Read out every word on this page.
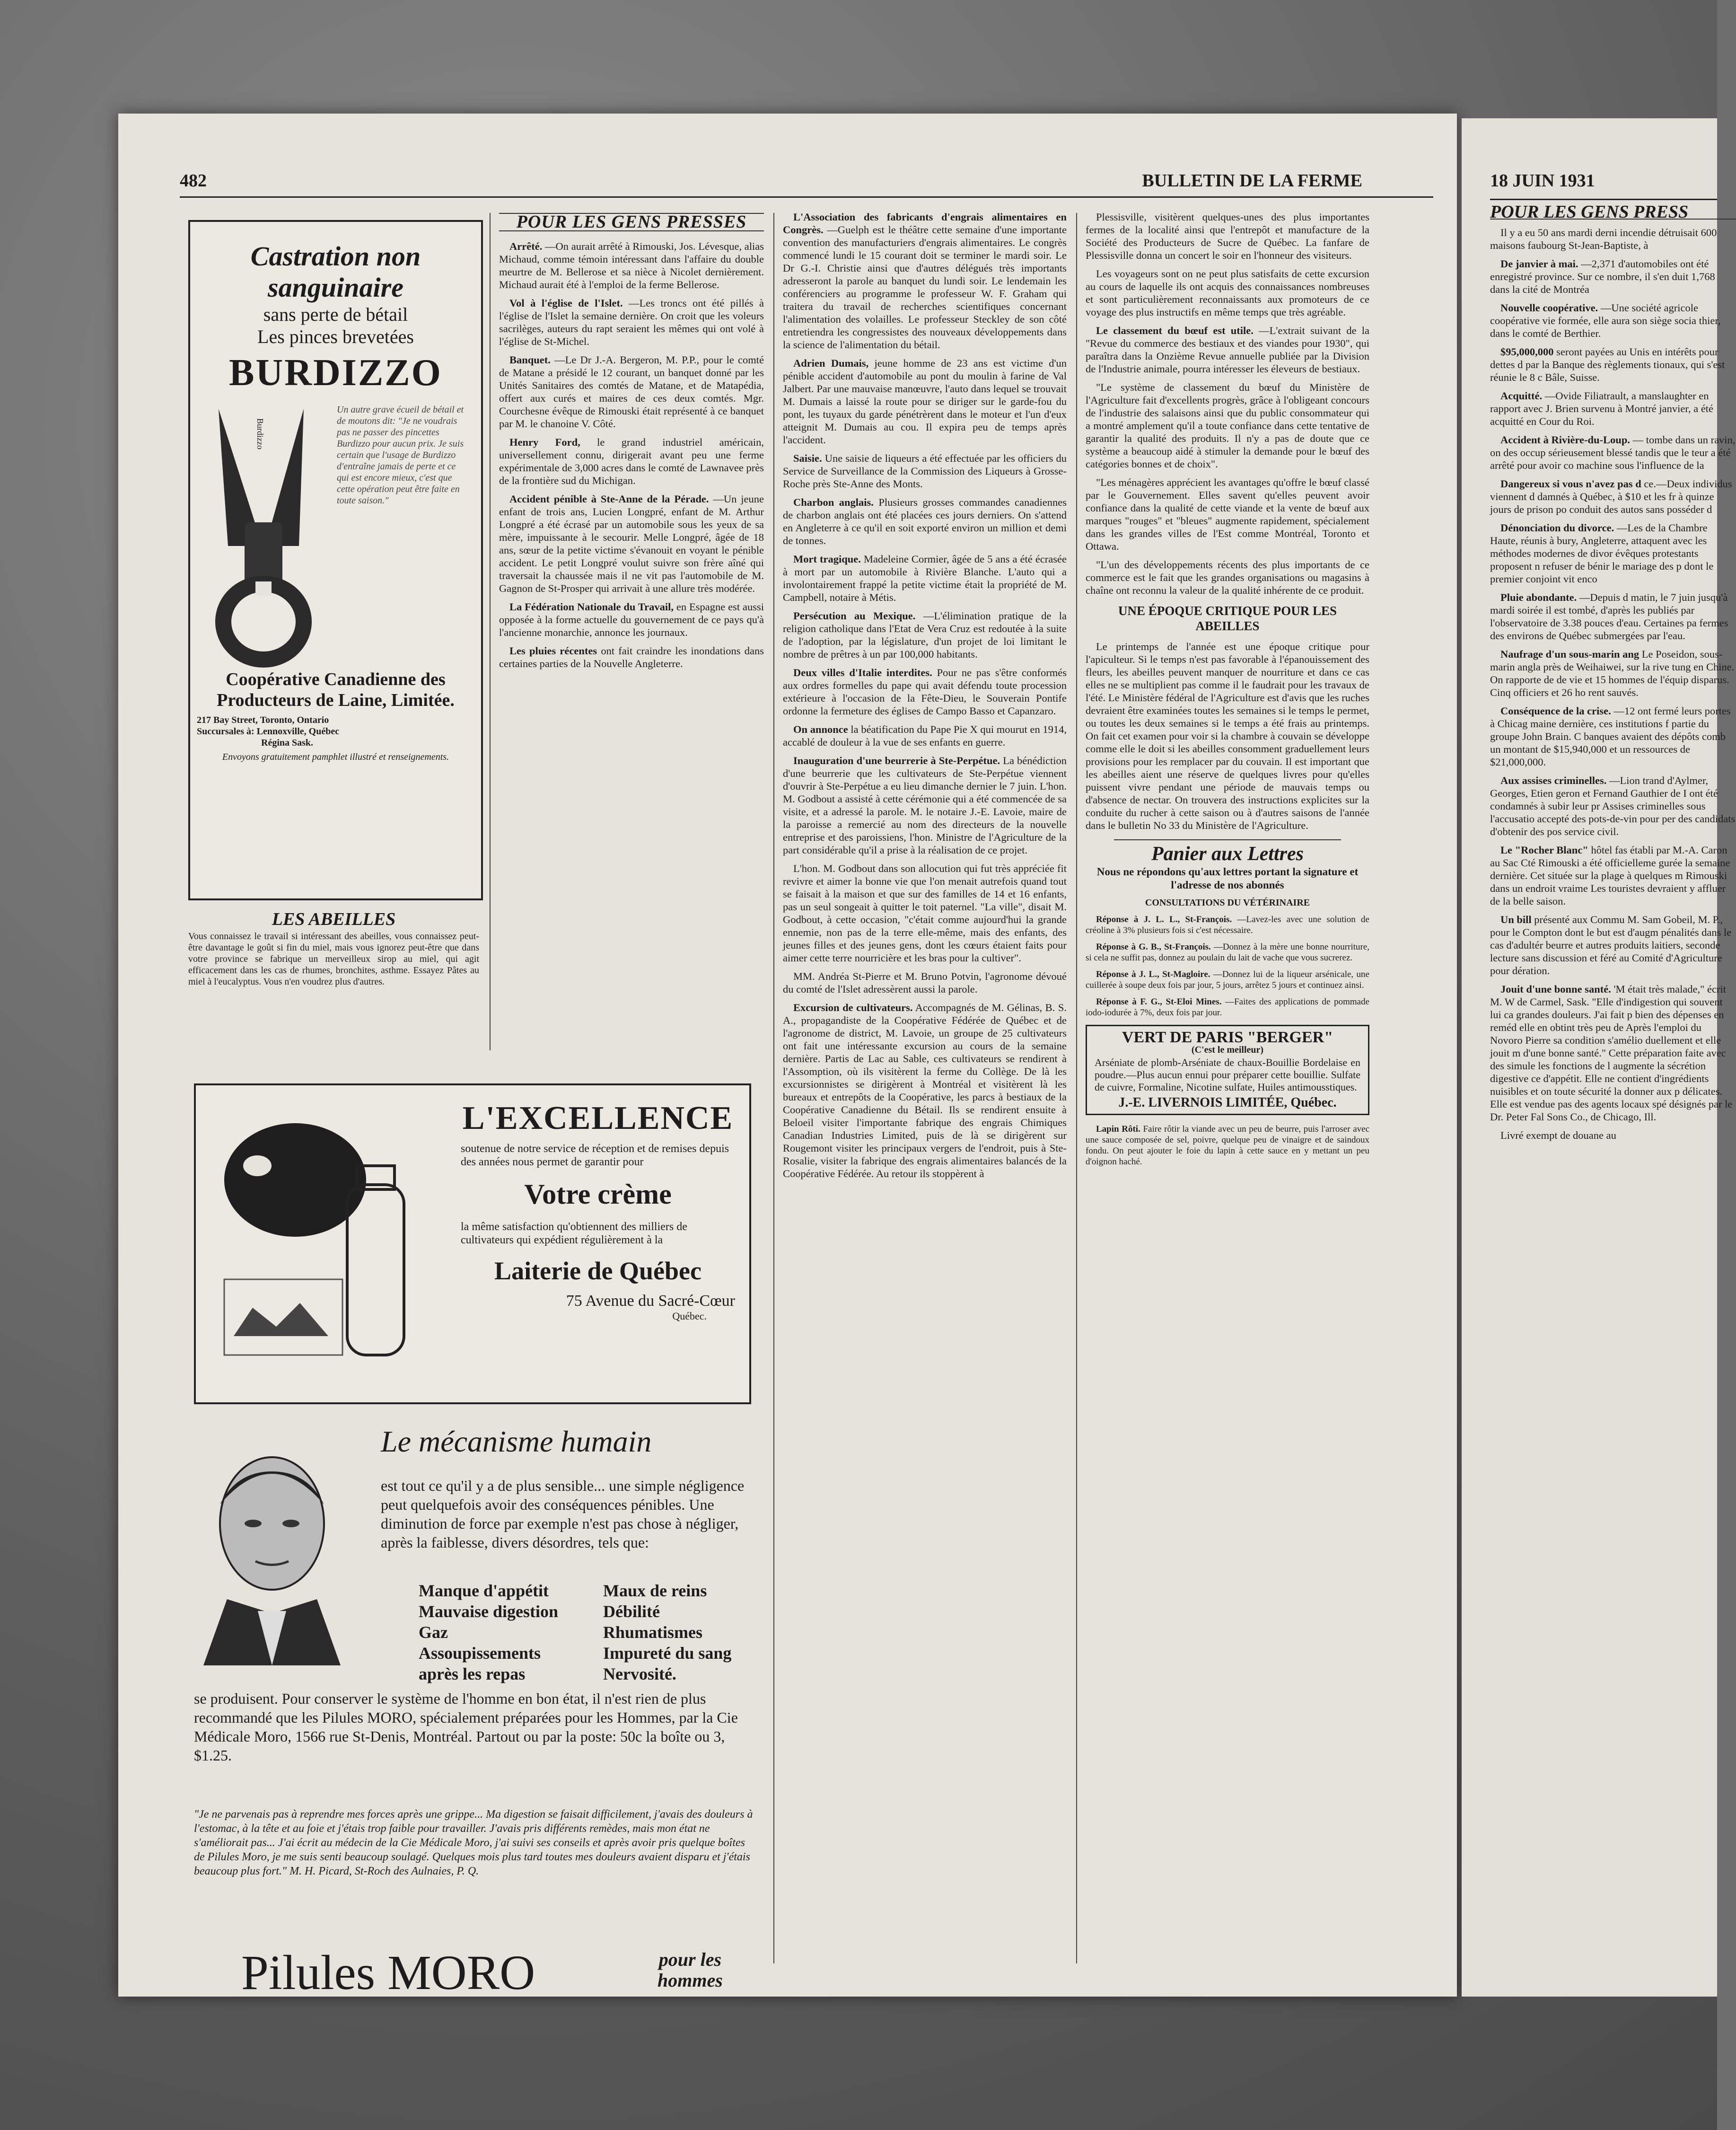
482	BULLETIN DE LA FERME
Castration non
sanguinaire
sans perte de bétail
Les pinces brevetées
BURDIZZO
Burdizzo
Un autre grave écueil de bétail et de moutons dit: "Je ne voudrais pas ne passer des pincettes Burdizzo pour aucun prix. Je suis certain que l'usage de Burdizzo d'entraîne jamais de perte et ce qui est encore mieux, c'est que cette opération peut être faite en toute saison."
Coopérative Canadienne des
Producteurs de Laine, Limitée.
217 Bay Street, Toronto, Ontario
Succursales à: Lennoxville, Québec
Régina Sask.
Envoyons gratuitement pamphlet illustré et renseignements.
LES ABEILLES
Vous connaissez le travail si intéressant des abeilles, vous connaissez peut-être davantage le goût si fin du miel, mais vous ignorez peut-être que dans votre province se fabrique un merveilleux sirop au miel, qui agit efficacement dans les cas de rhumes, bronchites, asthme. Essayez Pâtes au miel à l'eucalyptus. Vous n'en voudrez plus d'autres.
POUR LES GENS PRESSES

Arrêté. —On aurait arrêté à Rimouski, Jos. Lévesque, alias Michaud, comme témoin intéressant dans l'affaire du double meurtre de M. Bellerose et sa nièce à Nicolet dernièrement. Michaud aurait été à l'emploi de la ferme Bellerose.

Vol à l'église de l'Islet. —Les troncs ont été pillés à l'église de l'Islet la semaine dernière. On croit que les voleurs sacrilèges, auteurs du rapt seraient les mêmes qui ont volé à l'église de St-Michel.

Banquet. —Le Dr J.-A. Bergeron, M. P.P., pour le comté de Matane a présidé le 12 courant, un banquet donné par les Unités Sanitaires des comtés de Matane, et de Matapédia, offert aux curés et maires de ces deux comtés. Mgr. Courchesne évêque de Rimouski était représenté à ce banquet par M. le chanoine V. Côté.

Henry Ford, le grand industriel américain, universellement connu, dirigerait avant peu une ferme expérimentale de 3,000 acres dans le comté de Lawnavee près de la frontière sud du Michigan.

Accident pénible à Ste-Anne de la Pérade. —Un jeune enfant de trois ans, Lucien Longpré, enfant de M. Arthur Longpré a été écrasé par un automobile sous les yeux de sa mère, impuissante à le secourir. Melle Longpré, âgée de 18 ans, sœur de la petite victime s'évanouit en voyant le pénible accident. Le petit Longpré voulut suivre son frère aîné qui traversait la chaussée mais il ne vit pas l'automobile de M. Gagnon de St-Prosper qui arrivait à une allure très modérée.

La Fédération Nationale du Travail, en Espagne est aussi opposée à la forme actuelle du gouvernement de ce pays qu'à l'ancienne monarchie, annonce les journaux.

Les pluies récentes ont fait craindre les inondations dans certaines parties de la Nouvelle Angleterre.

L'Association des fabricants d'engrais alimentaires en Congrès. —Guelph est le théâtre cette semaine d'une importante convention des manufacturiers d'engrais alimentaires. Le congrès commencé lundi le 15 courant doit se terminer le mardi soir. Le Dr G.-I. Christie ainsi que d'autres délégués très importants adresseront la parole au banquet du lundi soir. Le lendemain les conférenciers au programme le professeur W. F. Graham qui traitera du travail de recherches scientifiques concernant l'alimentation des volailles. Le professeur Steckley de son côté entretiendra les congressistes des nouveaux développements dans la science de l'alimentation du bétail.

Adrien Dumais, jeune homme de 23 ans est victime d'un pénible accident d'automobile au pont du moulin à farine de Val Jalbert. Par une mauvaise manœuvre, l'auto dans lequel se trouvait M. Dumais a laissé la route pour se diriger sur le garde-fou du pont, les tuyaux du garde pénétrèrent dans le moteur et l'un d'eux atteignit M. Dumais au cou. Il expira peu de temps après l'accident.

Saisie. Une saisie de liqueurs a été effectuée par les officiers du Service de Surveillance de la Commission des Liqueurs à Grosse-Roche près Ste-Anne des Monts.

Charbon anglais. Plusieurs grosses commandes canadiennes de charbon anglais ont été placées ces jours derniers. On s'attend en Angleterre à ce qu'il en soit exporté environ un million et demi de tonnes.

Mort tragique. Madeleine Cormier, âgée de 5 ans a été écrasée à mort par un automobile à Rivière Blanche. L'auto qui a involontairement frappé la petite victime était la propriété de M. Campbell, notaire à Métis.

Persécution au Mexique. —L'élimination pratique de la religion catholique dans l'Etat de Vera Cruz est redoutée à la suite de l'adoption, par la législature, d'un projet de loi limitant le nombre de prêtres à un par 100,000 habitants.

Deux villes d'Italie interdites. Pour ne pas s'être conformés aux ordres formelles du pape qui avait défendu toute procession extérieure à l'occasion de la Fête-Dieu, le Souverain Pontife ordonne la fermeture des églises de Campo Basso et Capanzaro.

On annonce la béatification du Pape Pie X qui mourut en 1914, accablé de douleur à la vue de ses enfants en guerre.

Inauguration d'une beurrerie à Ste-Perpétue. La bénédiction d'une beurrerie que les cultivateurs de Ste-Perpétue viennent d'ouvrir à Ste-Perpétue a eu lieu dimanche dernier le 7 juin. L'hon. M. Godbout a assisté à cette cérémonie qui a été commencée de sa visite, et a adressé la parole. M. le notaire J.-E. Lavoie, maire de la paroisse a remercié au nom des directeurs de la nouvelle entreprise et des paroissiens, l'hon. Ministre de l'Agriculture de la part considérable qu'il a prise à la réalisation de ce projet.

L'hon. M. Godbout dans son allocution qui fut très appréciée fit revivre et aimer la bonne vie que l'on menait autrefois quand tout se faisait à la maison et que sur des familles de 14 et 16 enfants, pas un seul songeait à quitter le toit paternel. "La ville", disait M. Godbout, à cette occasion, "c'était comme aujourd'hui la grande ennemie, non pas de la terre elle-même, mais des enfants, des jeunes filles et des jeunes gens, dont les cœurs étaient faits pour aimer cette terre nourricière et les bras pour la cultiver".

MM. Andréa St-Pierre et M. Bruno Potvin, l'agronome dévoué du comté de l'Islet adressèrent aussi la parole.

Excursion de cultivateurs. Accompagnés de M. Gélinas, B. S. A., propagandiste de la Coopérative Fédérée de Québec et de l'agronome de district, M. Lavoie, un groupe de 25 cultivateurs ont fait une intéressante excursion au cours de la semaine dernière. Partis de Lac au Sable, ces cultivateurs se rendirent à l'Assomption, où ils visitèrent la ferme du Collège. De là les excursionnistes se dirigèrent à Montréal et visitèrent là les bureaux et entrepôts de la Coopérative, les parcs à bestiaux de la Coopérative Canadienne du Bétail. Ils se rendirent ensuite à Beloeil visiter l'importante fabrique des engrais Chimiques Canadian Industries Limited, puis de là se dirigèrent sur Rougemont visiter les principaux vergers de l'endroit, puis à Ste-Rosalie, visiter la fabrique des engrais alimentaires balancés de la Coopérative Fédérée. Au retour ils stoppèrent à

Plessisville, visitèrent quelques-unes des plus importantes fermes de la localité ainsi que l'entrepôt et manufacture de la Société des Producteurs de Sucre de Québec. La fanfare de Plessisville donna un concert le soir en l'honneur des visiteurs.

Les voyageurs sont on ne peut plus satisfaits de cette excursion au cours de laquelle ils ont acquis des connaissances nombreuses et sont particulièrement reconnaissants aux promoteurs de ce voyage des plus instructifs en même temps que très agréable.

Le classement du bœuf est utile. —L'extrait suivant de la "Revue du commerce des bestiaux et des viandes pour 1930", qui paraîtra dans la Onzième Revue annuelle publiée par la Division de l'Industrie animale, pourra intéresser les éleveurs de bestiaux.

"Le système de classement du bœuf du Ministère de l'Agriculture fait d'excellents progrès, grâce à l'obligeant concours de l'industrie des salaisons ainsi que du public consommateur qui a montré amplement qu'il a toute confiance dans cette tentative de garantir la qualité des produits. Il n'y a pas de doute que ce système a beaucoup aidé à stimuler la demande pour le bœuf des catégories bonnes et de choix".

"Les ménagères apprécient les avantages qu'offre le bœuf classé par le Gouvernement. Elles savent qu'elles peuvent avoir confiance dans la qualité de cette viande et la vente de bœuf aux marques "rouges" et "bleues" augmente rapidement, spécialement dans les grandes villes de l'Est comme Montréal, Toronto et Ottawa.

"L'un des développements récents des plus importants de ce commerce est le fait que les grandes organisations ou magasins à chaîne ont reconnu la valeur de la qualité inhérente de ce produit.

UNE ÉPOQUE CRITIQUE POUR LES ABEILLES

Le printemps de l'année est une époque critique pour l'apiculteur. Si le temps n'est pas favorable à l'épanouissement des fleurs, les abeilles peuvent manquer de nourriture et dans ce cas elles ne se multiplient pas comme il le faudrait pour les travaux de l'été. Le Ministère fédéral de l'Agriculture est d'avis que les ruches devraient être examinées toutes les semaines si le temps le permet, ou toutes les deux semaines si le temps a été frais au printemps. On fait cet examen pour voir si la chambre à couvain se développe comme elle le doit si les abeilles consomment graduellement leurs provisions pour les remplacer par du couvain. Il est important que les abeilles aient une réserve de quelques livres pour qu'elles puissent vivre pendant une période de mauvais temps ou d'absence de nectar. On trouvera des instructions explicites sur la conduite du rucher à cette saison ou à d'autres saisons de l'année dans le bulletin No 33 du Ministère de l'Agriculture.

Panier aux Lettres
Nous ne répondons qu'aux lettres portant la signature et l'adresse de nos abonnés
CONSULTATIONS DU VÉTÉRINAIRE

Réponse à J. L. L., St-François. —Lavez-les avec une solution de créoline à 3% plusieurs fois si c'est nécessaire.

Réponse à G. B., St-François. —Donnez à la mère une bonne nourriture, si cela ne suffit pas, donnez au poulain du lait de vache que vous sucrerez.

Réponse à J. L., St-Magloire. —Donnez lui de la liqueur arsénicale, une cuillerée à soupe deux fois par jour, 5 jours, arrêtez 5 jours et continuez ainsi.

Réponse à F. G., St-Eloi Mines. —Faites des applications de pommade iodo-iodurée à 7%, deux fois par jour.

VERT DE PARIS "BERGER"
(C'est le meilleur)
Arséniate de plomb-Arséniate de chaux-Bouillie Bordelaise en poudre.—Plus aucun ennui pour préparer cette bouillie. Sulfate de cuivre, Formaline, Nicotine sulfate, Huiles antimousstiques.
J.-E. LIVERNOIS LIMITÉE, Québec.

Lapin Rôti. Faire rôtir la viande avec un peu de beurre, puis l'arroser avec une sauce composée de sel, poivre, quelque peu de vinaigre et de saindoux fondu. On peut ajouter le foie du lapin à cette sauce en y mettant un peu d'oignon haché.

L'EXCELLENCE
soutenue de notre service de réception et de remises depuis des années nous permet de garantir pour
Votre crème
la même satisfaction qu'obtiennent des milliers de cultivateurs qui expédient régulièrement à la
Laiterie de Québec
75 Avenue du Sacré-Cœur
Québec.
Le mécanisme humain
est tout ce qu'il y a de plus sensible... une simple négligence peut quelquefois avoir des conséquences pénibles. Une diminution de force par exemple n'est pas chose à négliger, après la faiblesse, divers désordres, tels que:
Manque d'appétit
Mauvaise digestion
Gaz
Assoupissements
après les repas
Maux de reins
Débilité
Rhumatismes
Impureté du sang
Nervosité.
se produisent. Pour conserver le système de l'homme en bon état, il n'est rien de plus recommandé que les Pilules MORO, spécialement préparées pour les Hommes, par la Cie Médicale Moro, 1566 rue St-Denis, Montréal. Partout ou par la poste: 50c la boîte ou 3, $1.25.
"Je ne parvenais pas à reprendre mes forces après une grippe... Ma digestion se faisait difficilement, j'avais des douleurs à l'estomac, à la tête et au foie et j'étais trop faible pour travailler. J'avais pris différents remèdes, mais mon état ne s'améliorait pas... J'ai écrit au médecin de la Cie Médicale Moro, j'ai suivi ses conseils et après avoir pris quelque boîtes de Pilules Moro, je me suis senti beaucoup soulagé. Quelques mois plus tard toutes mes douleurs avaient disparu et j'étais beaucoup plus fort." M. H. Picard, St-Roch des Aulnaies, P. Q.
Pilules MORO	pour les
hommes
18 JUIN 1931
POUR LES GENS PRESS

Il y a eu 50 ans mardi derni incendie détruisait 600 maisons faubourg St-Jean-Baptiste, à

De janvier à mai. —2,371 d'automobiles ont été enregistré province. Sur ce nombre, il s'en duit 1,768 dans la cité de Montréa

Nouvelle coopérative. —Une société agricole coopérative vie formée, elle aura son siège socia thier, dans le comté de Berthier.

$95,000,000 seront payées au Unis en intérêts pour dettes d par la Banque des règlements tionaux, qui s'est réunie le 8 c Bâle, Suisse.

Acquitté. —Ovide Filiatrault, a manslaughter en rapport avec J. Brien survenu à Montré janvier, a été acquitté en Cour du Roi.

Accident à Rivière-du-Loup. — tombe dans un ravin, on des occup sérieusement blessé tandis que le teur a été arrêté pour avoir co machine sous l'influence de la

Dangereux si vous n'avez pas d ce.—Deux individus viennent d damnés à Québec, à $10 et les fr à quinze jours de prison po conduit des autos sans posséder d

Dénonciation du divorce. —Les de la Chambre Haute, réunis à bury, Angleterre, attaquent avec les méthodes modernes de divor évêques protestants proposent n refuser de bénir le mariage des p dont le premier conjoint vit enco

Pluie abondante. —Depuis d matin, le 7 juin jusqu'à mardi soirée il est tombé, d'après les publiés par l'observatoire de 3.38 pouces d'eau. Certaines pa fermes des environs de Québec submergées par l'eau.

Naufrage d'un sous-marin ang Le Poseidon, sous-marin angla près de Weihaiwei, sur la rive tung en Chine. On rapporte de de vie et 15 hommes de l'équip disparus. Cinq officiers et 26 ho rent sauvés.

Conséquence de la crise. —12 ont fermé leurs portes à Chicag maine dernière, ces institutions f partie du groupe John Brain. C banques avaient des dépôts comb un montant de $15,940,000 et un ressources de $21,000,000.

Aux assises criminelles. —Lion trand d'Aylmer, Georges, Etien geron et Fernand Gauthier de I ont été condamnés à subir leur pr Assises criminelles sous l'accusatio accepté des pots-de-vin pour per des candidats d'obtenir des pos service civil.

Le "Rocher Blanc" hôtel fas établi par M.-A. Caron au Sac Cté Rimouski a été officielleme gurée la semaine dernière. Cet située sur la plage à quelques m Rimouski dans un endroit vraime Les touristes devraient y affluer de la belle saison.

Un bill présenté aux Commu M. Sam Gobeil, M. P., pour le Compton dont le but est d'augm pénalités dans le cas d'adultér beurre et autres produits laitiers, seconde lecture sans discussion et féré au Comité d'Agriculture pour dération.

Jouit d'une bonne santé. 'M était très malade," écrit M. W de Carmel, Sask. "Elle d'indigestion qui souvent lui ca grandes douleurs. J'ai fait p bien des dépenses en reméd elle en obtint très peu de Après l'emploi du Novoro Pierre sa condition s'amélio duellement et elle jouit m d'une bonne santé." Cette préparation faite avec des simule les fonctions de l augmente la sécrétion digestive ce d'appétit. Elle ne contient d'ingrédients nuisibles et on toute sécurité la donner aux p délicates. Elle est vendue pas des agents locaux spé désignés par le Dr. Peter Fal Sons Co., de Chicago, Ill.

Livré exempt de douane au
